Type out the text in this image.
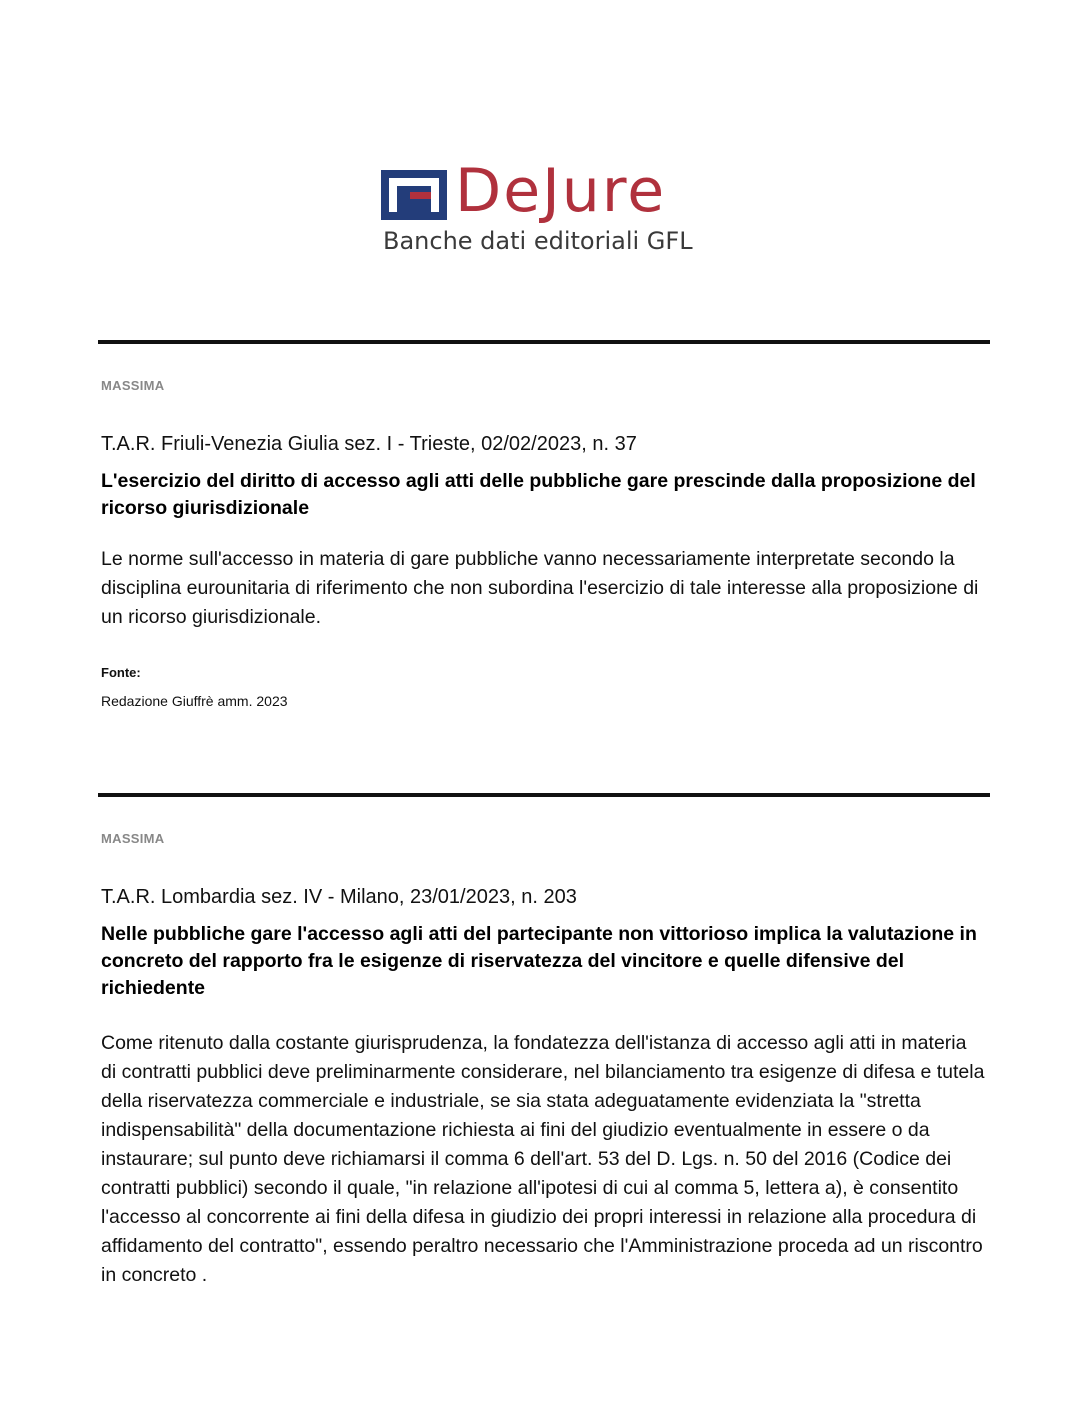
DeJure
Banche dati editoriali GFL
MASSIMA
T.A.R. Friuli-Venezia Giulia sez. I - Trieste, 02/02/2023, n. 37
L'esercizio del diritto di accesso agli atti delle pubbliche gare prescinde dalla proposizione del ricorso giurisdizionale
Le norme sull'accesso in materia di gare pubbliche vanno necessariamente interpretate secondo la disciplina eurounitaria di riferimento che non subordina l'esercizio di tale interesse alla proposizione di un ricorso giurisdizionale.
Fonte:
Redazione Giuffrè amm. 2023
MASSIMA
T.A.R. Lombardia sez. IV - Milano, 23/01/2023, n. 203
Nelle pubbliche gare l'accesso agli atti del partecipante non vittorioso implica la valutazione in concreto del rapporto fra le esigenze di riservatezza del vincitore e quelle difensive del richiedente
Come ritenuto dalla costante giurisprudenza, la fondatezza dell'istanza di accesso agli atti in materia di contratti pubblici deve preliminarmente considerare, nel bilanciamento tra esigenze di difesa e tutela della riservatezza commerciale e industriale, se sia stata adeguatamente evidenziata la "stretta indispensabilità" della documentazione richiesta ai fini del giudizio eventualmente in essere o da instaurare; sul punto deve richiamarsi il comma 6 dell'art. 53 del D. Lgs. n. 50 del 2016 (Codice dei contratti pubblici) secondo il quale, "in relazione all'ipotesi di cui al comma 5, lettera a), è consentito l'accesso al concorrente ai fini della difesa in giudizio dei propri interessi in relazione alla procedura di affidamento del contratto", essendo peraltro necessario che l'Amministrazione proceda ad un riscontro in concreto .
